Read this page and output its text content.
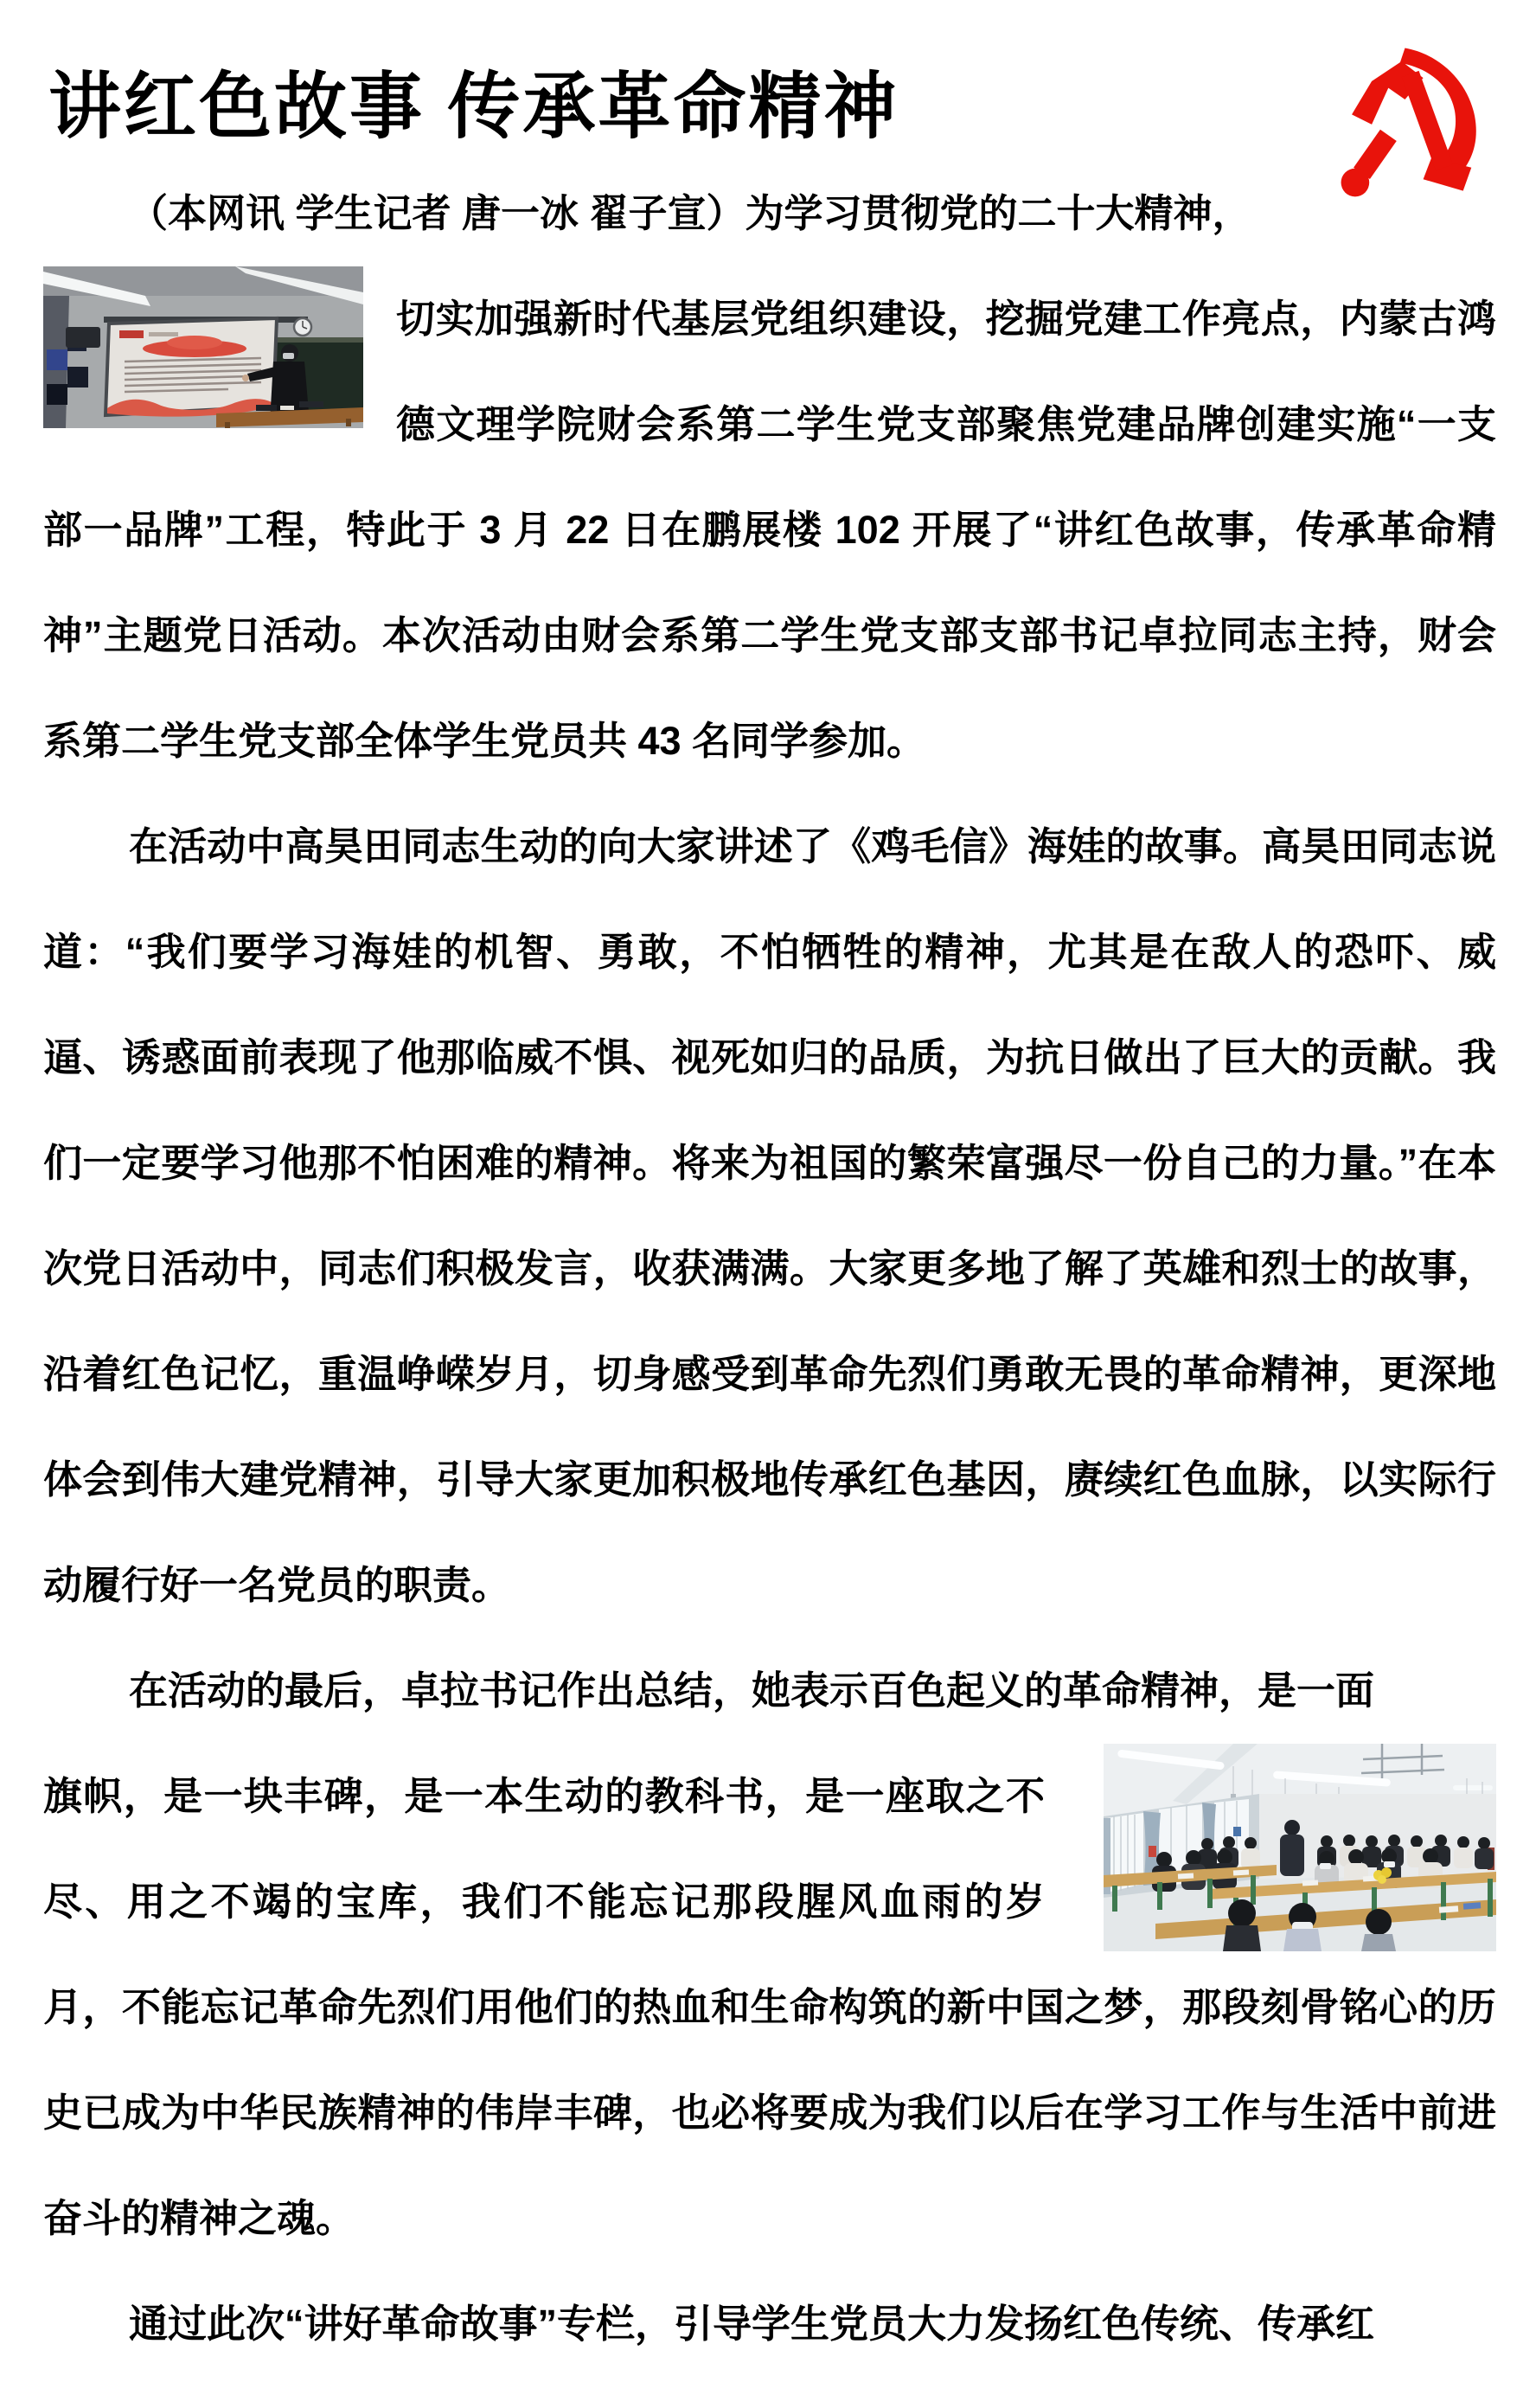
讲红色故事 传承革命精神

（本网讯 学生记者 唐一冰 翟子宣）为学习贯彻党的二十大精神，

切实加强新时代基层党组织建设，挖掘党建工作亮点，内蒙古鸿德文理学院财会系第二学生党支部聚焦党建品牌创建实施“一支部一品牌”工程，特此于 3 月 22 日在鹏展楼 102 开展了“讲红色故事，传承革命精神”主题党日活动。本次活动由财会系第二学生党支部支部书记卓拉同志主持，财会系第二学生党支部全体学生党员共 43 名同学参加。

在活动中高昊田同志生动的向大家讲述了《鸡毛信》海娃的故事。高昊田同志说道：“我们要学习海娃的机智、勇敢，不怕牺牲的精神，尤其是在敌人的恐吓、威逼、诱惑面前表现了他那临威不惧、视死如归的品质，为抗日做出了巨大的贡献。我们一定要学习他那不怕困难的精神。将来为祖国的繁荣富强尽一份自己的力量。”在本次党日活动中，同志们积极发言，收获满满。大家更多地了解了英雄和烈士的故事，沿着红色记忆，重温峥嵘岁月，切身感受到革命先烈们勇敢无畏的革命精神，更深地体会到伟大建党精神，引导大家更加积极地传承红色基因，赓续红色血脉，以实际行动履行好一名党员的职责。

在活动的最后，卓拉书记作出总结，她表示百色起义的革命精神，是一面

旗帜，是一块丰碑，是一本生动的教科书，是一座取之不尽、用之不竭的宝库，我们不能忘记那段腥风血雨的岁月，不能忘记革命先烈们用他们的热血和生命构筑的新中国之梦，那段刻骨铭心的历史已成为中华民族精神的伟岸丰碑，也必将要成为我们以后在学习工作与生活中前进奋斗的精神之魂。

通过此次“讲好革命故事”专栏，引导学生党员大力发扬红色传统、传承红
